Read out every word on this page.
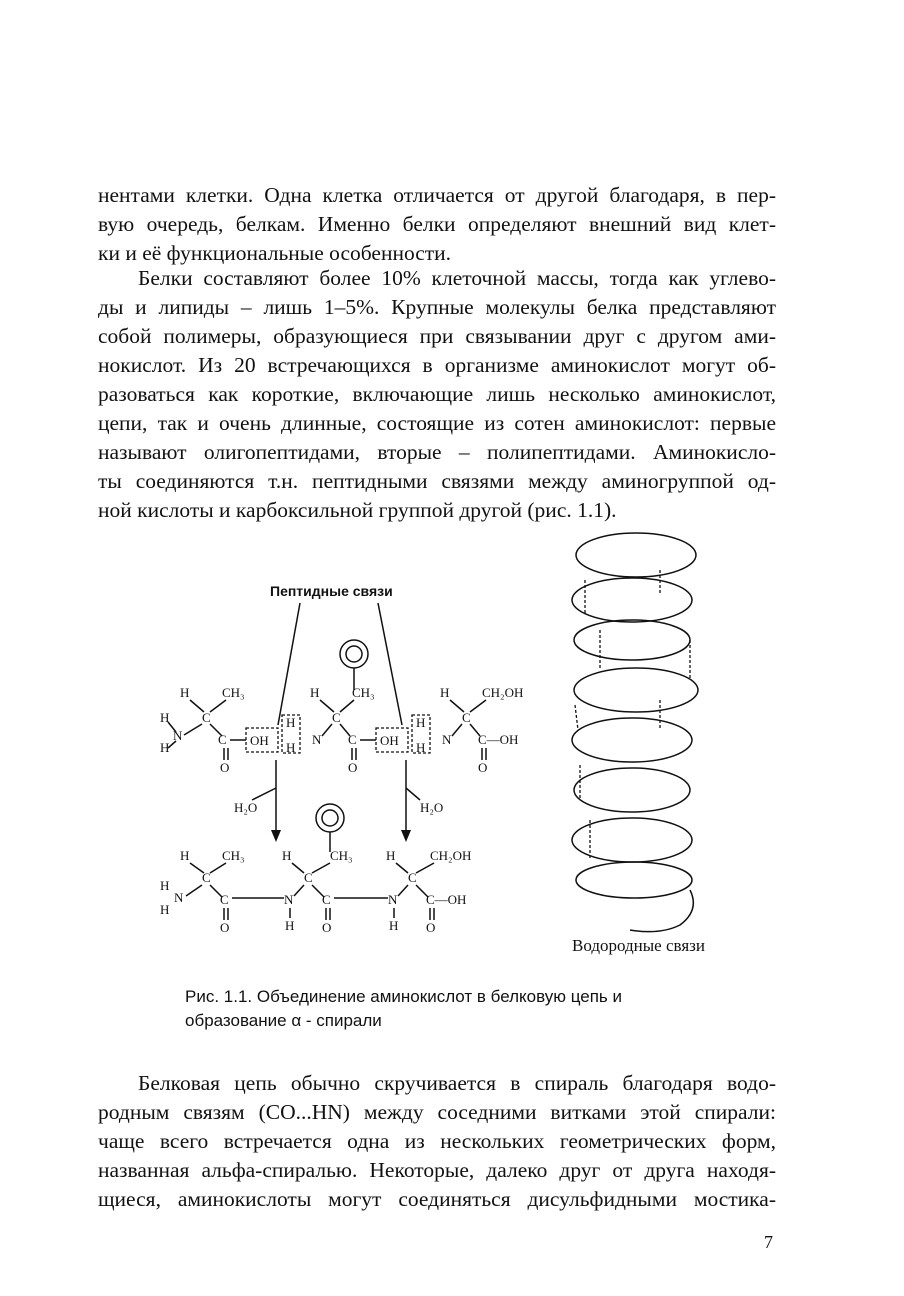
нентами клетки. Одна клетка отличается от другой благодаря, в пер-
вую очередь, белкам. Именно белки определяют внешний вид клет-
ки и её функциональные особенности.
Белки составляют более 10% клеточной массы, тогда как углево-
ды и липиды – лишь 1–5%. Крупные молекулы белка представляют
собой полимеры, образующиеся при связывании друг с другом ами-
нокислот. Из 20 встречающихся в организме аминокислот могут об-
разоваться как короткие, включающие лишь несколько аминокислот,
цепи, так и очень длинные, состоящие из сотен аминокислот: первые
называют олигопептидами, вторые – полипептидами. Аминокисло-
ты соединяются т.н. пептидными связями между аминогруппой од-
ной кислоты и карбоксильной группой другой (рис. 1.1).
Пептидные связи
H	CH₃
C
H
H
N	C
O
OH
H
H
N
H	CH₃
C
C
O
OH
H
H
N
H	CH₂OH
C
C—OH
O
H₂O	H₂O
H	CH₃
C
H
H
N	C
O
N
H
H	CH₃
C
C
O
N
H
H	CH₂OH
C
C—OH
O
Водородные связи
Рис. 1.1. Объединение аминокислот в белковую цепь и
образование α - спирали
Белковая цепь обычно скручивается в спираль благодаря водо-
родным связям (CO...HN) между соседними витками этой спирали:
чаще всего встречается одна из нескольких геометрических форм,
названная альфа-спиралью. Некоторые, далеко друг от друга находя-
щиеся, аминокислоты могут соединяться дисульфидными мостика-
7
